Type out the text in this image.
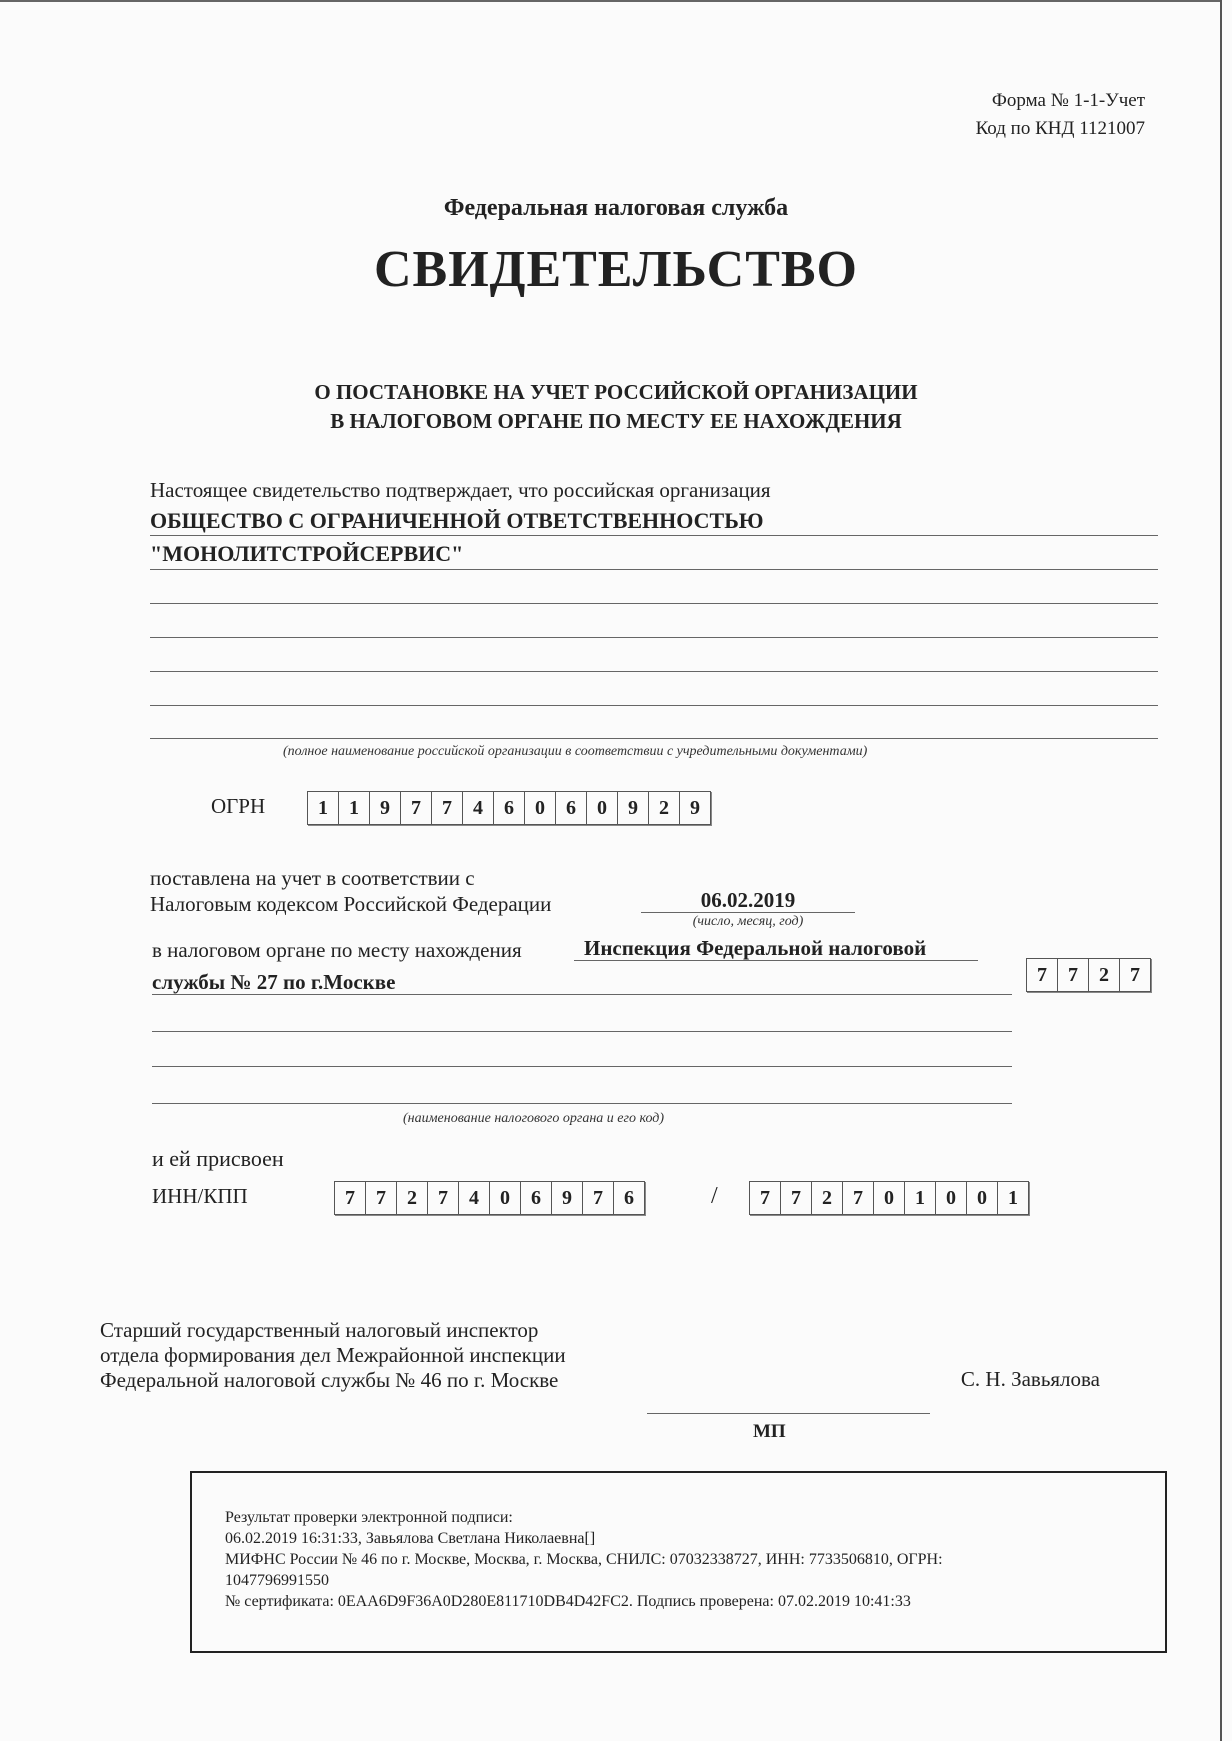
Форма № 1-1-Учет
Код по КНД 1121007
Федеральная налоговая служба
СВИДЕТЕЛЬСТВО
О ПОСТАНОВКЕ НА УЧЕТ РОССИЙСКОЙ ОРГАНИЗАЦИИ
В НАЛОГОВОМ ОРГАНЕ ПО МЕСТУ ЕЕ НАХОЖДЕНИЯ
Настоящее свидетельство подтверждает, что российская организация
ОБЩЕСТВО С ОГРАНИЧЕННОЙ ОТВЕТСТВЕННОСТЬЮ
"МОНОЛИТСТРОЙСЕРВИС"
(полное наименование российской организации в соответствии с учредительными документами)
ОГРН	1	1	9	7	7	4	6	0	6	0	9	2	9
поставлена на учет в соответствии с
Налоговым кодексом Российской Федерации	06.02.2019
(число, месяц, год)
в налоговом органе по месту нахождения	Инспекция Федеральной налоговой
службы № 27 по г.Москве	7	7	2	7
(наименование налогового органа и его код)
и ей присвоен
ИНН/КПП	7	7	2	7	4	0	6	9	7	6	/	7	7	2	7	0	1	0	0	1
Старший государственный налоговый инспектор
отдела формирования дел Межрайонной инспекции
Федеральной налоговой службы № 46 по г. Москве	С. Н. Завьялова
МП

Результат проверки электронной подписи:

06.02.2019 16:31:33, Завьялова Светлана Николаевна[]

МИФНС России № 46 по г. Москве, Москва, г. Москва, СНИЛС: 07032338727, ИНН: 7733506810, ОГРН:

1047796991550

№ сертификата: 0EAA6D9F36A0D280E811710DB4D42FC2. Подпись проверена: 07.02.2019 10:41:33
